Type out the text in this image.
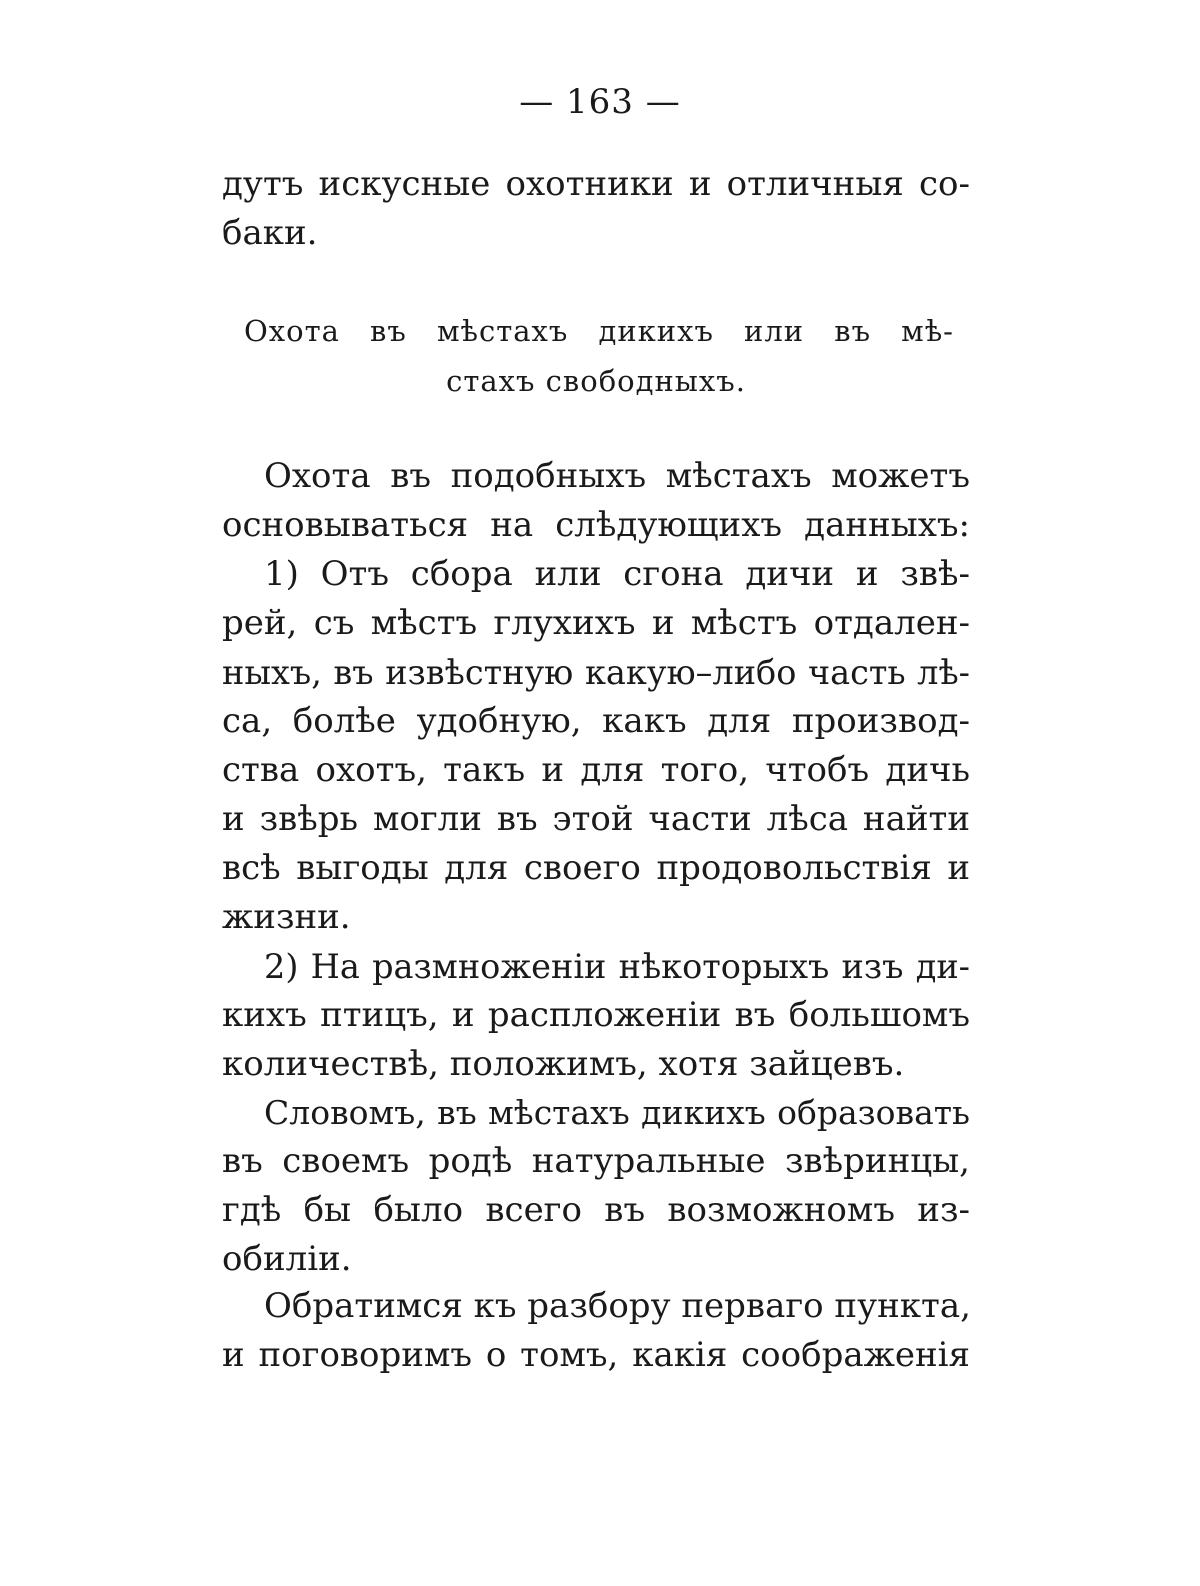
— 163 —
дутъ искусные охотники и отличныя со-
баки.
Охота въ мѣстахъ дикихъ или въ мѣ-
стахъ свободныхъ.
Охота въ подобныхъ мѣстахъ можетъ
основываться на слѣдующихъ данныхъ:
1) Отъ сбора или сгона дичи и звѣ-
рей, съ мѣстъ глухихъ и мѣстъ отдален-
ныхъ, въ извѣстную какую–либо часть лѣ-
са, болѣе удобную, какъ для производ-
ства охотъ, такъ и для того, чтобъ дичь
и звѣрь могли въ этой части лѣса найти
всѣ выгоды для своего продовольствія и
жизни.
2) На размноженіи нѣкоторыхъ изъ ди-
кихъ птицъ, и распложеніи въ большомъ
количествѣ, положимъ, хотя зайцевъ.
Словомъ, въ мѣстахъ дикихъ образовать
въ своемъ родѣ натуральные звѣринцы,
гдѣ бы было всего въ возможномъ из-
обиліи.
Обратимся къ разбору перваго пункта,
и поговоримъ о томъ, какія соображенія
